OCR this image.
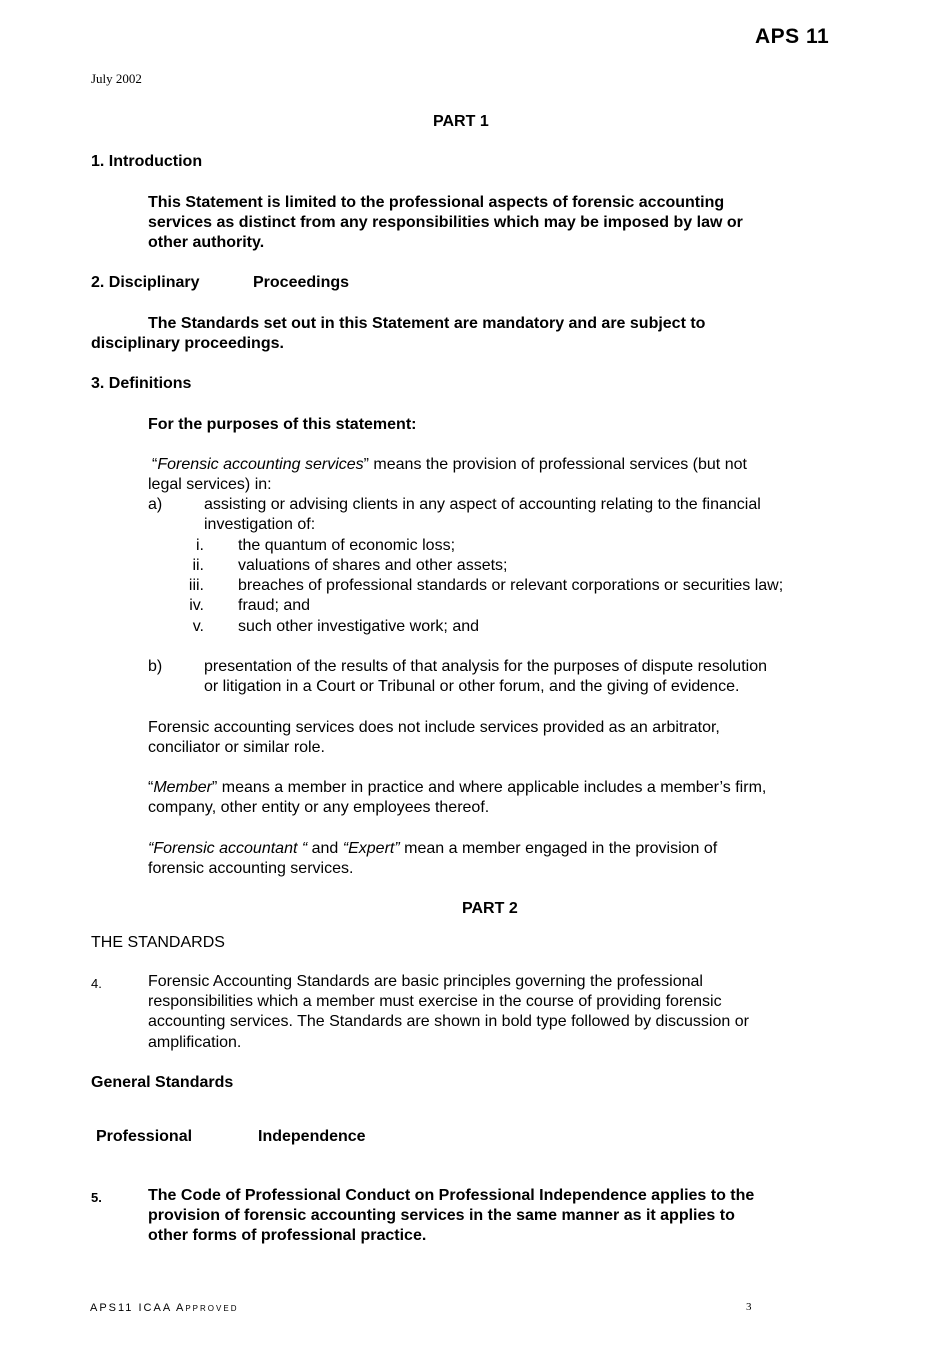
APS 11
July 2002
PART 1
1. Introduction
This Statement is limited to the professional aspects of forensic accounting
services as distinct from any responsibilities which may be imposed by law or
other authority.
2. Disciplinary	Proceedings
The Standards set out in this Statement are mandatory and are subject to
disciplinary proceedings.
3. Definitions
For the purposes of this statement:
“Forensic accounting services” means the provision of professional services (but not
legal services) in:
a)	assisting or advising clients in any aspect of accounting relating to the financial
investigation of:
i. the quantum of economic loss;
ii. valuations of shares and other assets;
iii. breaches of professional standards or relevant corporations or securities law;
iv. fraud; and
v. such other investigative work; and
b)	presentation of the results of that analysis for the purposes of dispute resolution
or litigation in a Court or Tribunal or other forum, and the giving of evidence.
Forensic accounting services does not include services provided as an arbitrator,
conciliator or similar role.
“Member” means a member in practice and where applicable includes a member’s firm,
company, other entity or any employees thereof.
“Forensic accountant “ and “Expert” mean a member engaged in the provision of
forensic accounting services.
PART 2
THE STANDARDS
4.	Forensic Accounting Standards are basic principles governing the professional
responsibilities which a member must exercise in the course of providing forensic
accounting services. The Standards are shown in bold type followed by discussion or
amplification.
General Standards
Professional	Independence
5.	The Code of Professional Conduct on Professional Independence applies to the
provision of forensic accounting services in the same manner as it applies to
other forms of professional practice.
APS11 ICAA APPROVED	3
